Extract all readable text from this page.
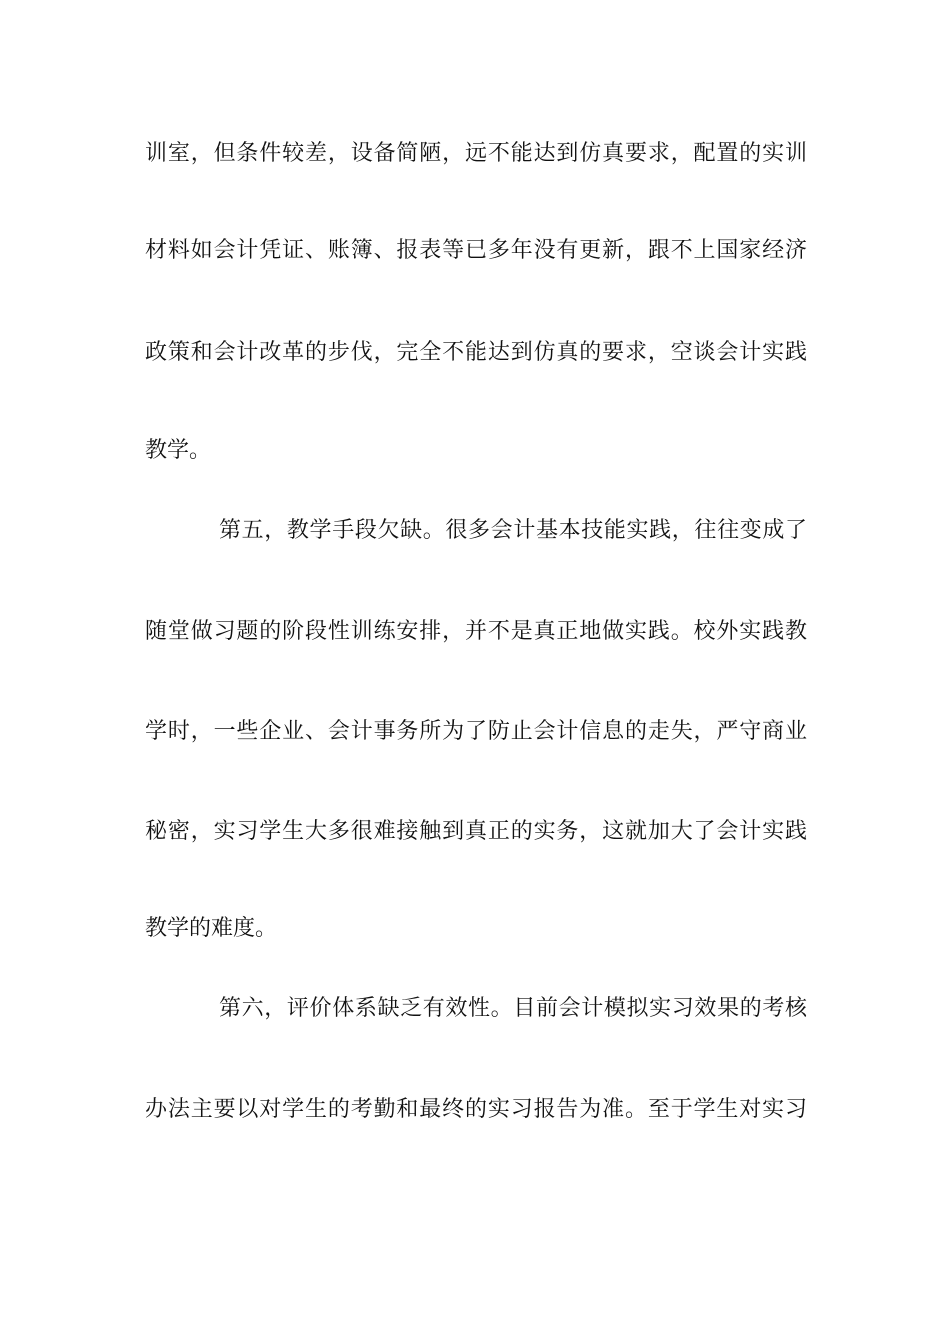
训室，但条件较差，设备简陋，远不能达到仿真要求，配置的实训
材料如会计凭证、账簿、报表等已多年没有更新，跟不上国家经济
政策和会计改革的步伐，完全不能达到仿真的要求，空谈会计实践
教学。
第五，教学手段欠缺。很多会计基本技能实践，往往变成了
随堂做习题的阶段性训练安排，并不是真正地做实践。校外实践教
学时，一些企业、会计事务所为了防止会计信息的走失，严守商业
秘密，实习学生大多很难接触到真正的实务，这就加大了会计实践
教学的难度。
第六，评价体系缺乏有效性。目前会计模拟实习效果的考核
办法主要以对学生的考勤和最终的实习报告为准。至于学生对实习
